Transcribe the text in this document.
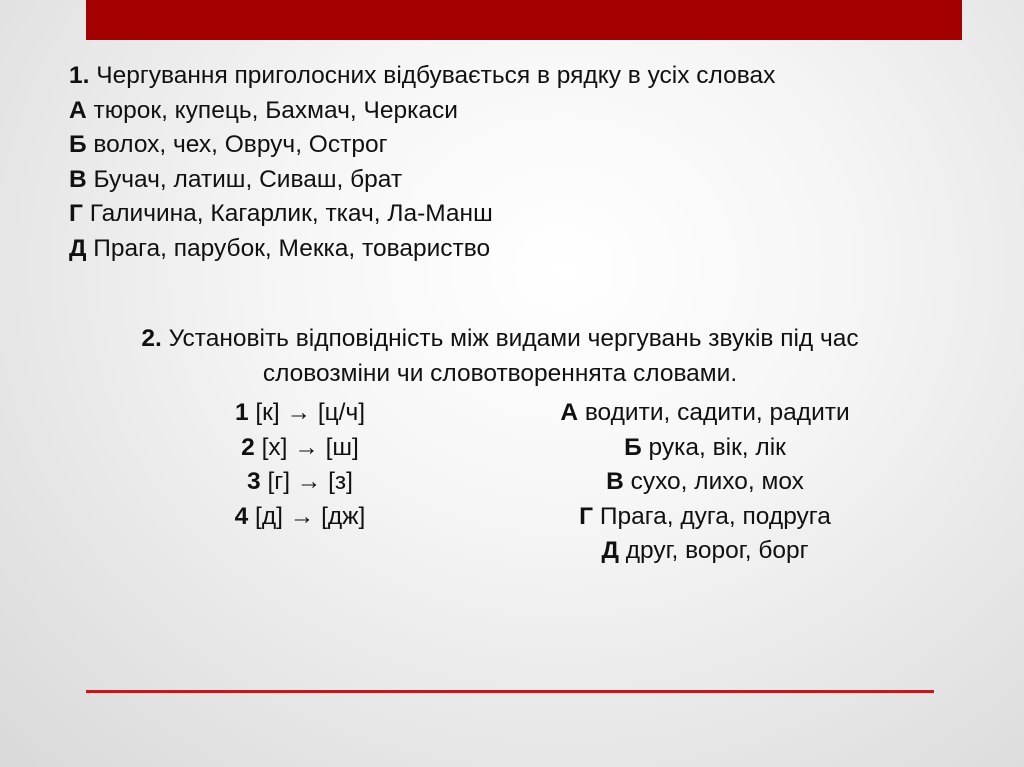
1. Чергування приголосних відбувається в рядку в усіх словах
А тюрок, купець, Бахмач, Черкаси
Б волох, чех, Овруч, Острог
В Бучач, латиш, Сиваш, брат
Г Галичина, Кагарлик, ткач, Ла-Манш
Д Прага, парубок, Мекка, товариство
2. Установіть відповідність між видами чергувань звуків під час
словозміни чи словотвореннята словами.
1 [к] → [ц/ч]
2 [х] → [ш]
3 [г] → [з]
4 [д] → [дж]
А водити, садити, радити
Б рука, вік, лік
В сухо, лихо, мох
Г Прага, дуга, подруга
Д друг, ворог, борг
